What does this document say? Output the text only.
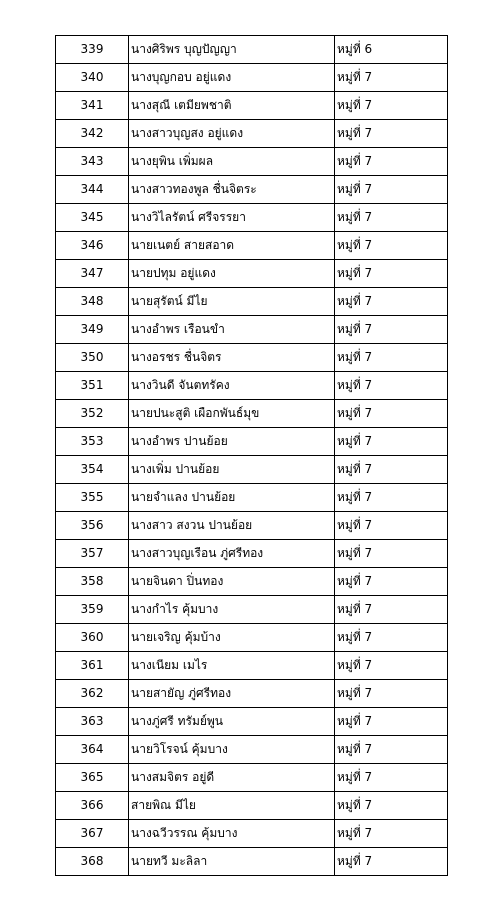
339	นางศิริพร บุญปัญญา	หมู่ที่ 6
340	นางบุญกอบ อยู่แดง	หมู่ที่ 7
341	นางสุณี เตมียพชาติ	หมู่ที่ 7
342	นางสาวบุญสง อยู่แดง	หมู่ที่ 7
343	นางยุพิน เพิ่มผล	หมู่ที่ 7
344	นางสาวทองพูล ชื่นจิตระ	หมู่ที่ 7
345	นางวิไลรัตน์ ศรีจรรยา	หมู่ที่ 7
346	นายเนตย์ สายสอาด	หมู่ที่ 7
347	นายปทุม อยู่แดง	หมู่ที่ 7
348	นายสุรัตน์ มีไย	หมู่ที่ 7
349	นางอำพร เรือนขำ	หมู่ที่ 7
350	นางอรชร ชื่นจิตร	หมู่ที่ 7
351	นางวินดี จันตทรัคง	หมู่ที่ 7
352	นายปนะสูติ เผือกพันธ์มุข	หมู่ที่ 7
353	นางอำพร ปานย้อย	หมู่ที่ 7
354	นางเพิ่ม ปานย้อย	หมู่ที่ 7
355	นายจำแลง ปานย้อย	หมู่ที่ 7
356	นางสาว สงวน ปานย้อย	หมู่ที่ 7
357	นางสาวบุญเรือน ภู่ศรีทอง	หมู่ที่ 7
358	นายจินดา ปิ่นทอง	หมู่ที่ 7
359	นางกำไร คุ้มบาง	หมู่ที่ 7
360	นายเจริญ คุ้มบ้าง	หมู่ที่ 7
361	นางเนียม เมไร	หมู่ที่ 7
362	นายสายัญ ภู่ศรีทอง	หมู่ที่ 7
363	นางภู่ศรี ทรัมย์พูน	หมู่ที่ 7
364	นายวิโรจน์ คุ้มบาง	หมู่ที่ 7
365	นางสมจิตร อยู่ดี	หมู่ที่ 7
366	สายพิณ มีไย	หมู่ที่ 7
367	นางฉวีวรรณ คุ้มบาง	หมู่ที่ 7
368	นายทวี มะลิลา	หมู่ที่ 7
